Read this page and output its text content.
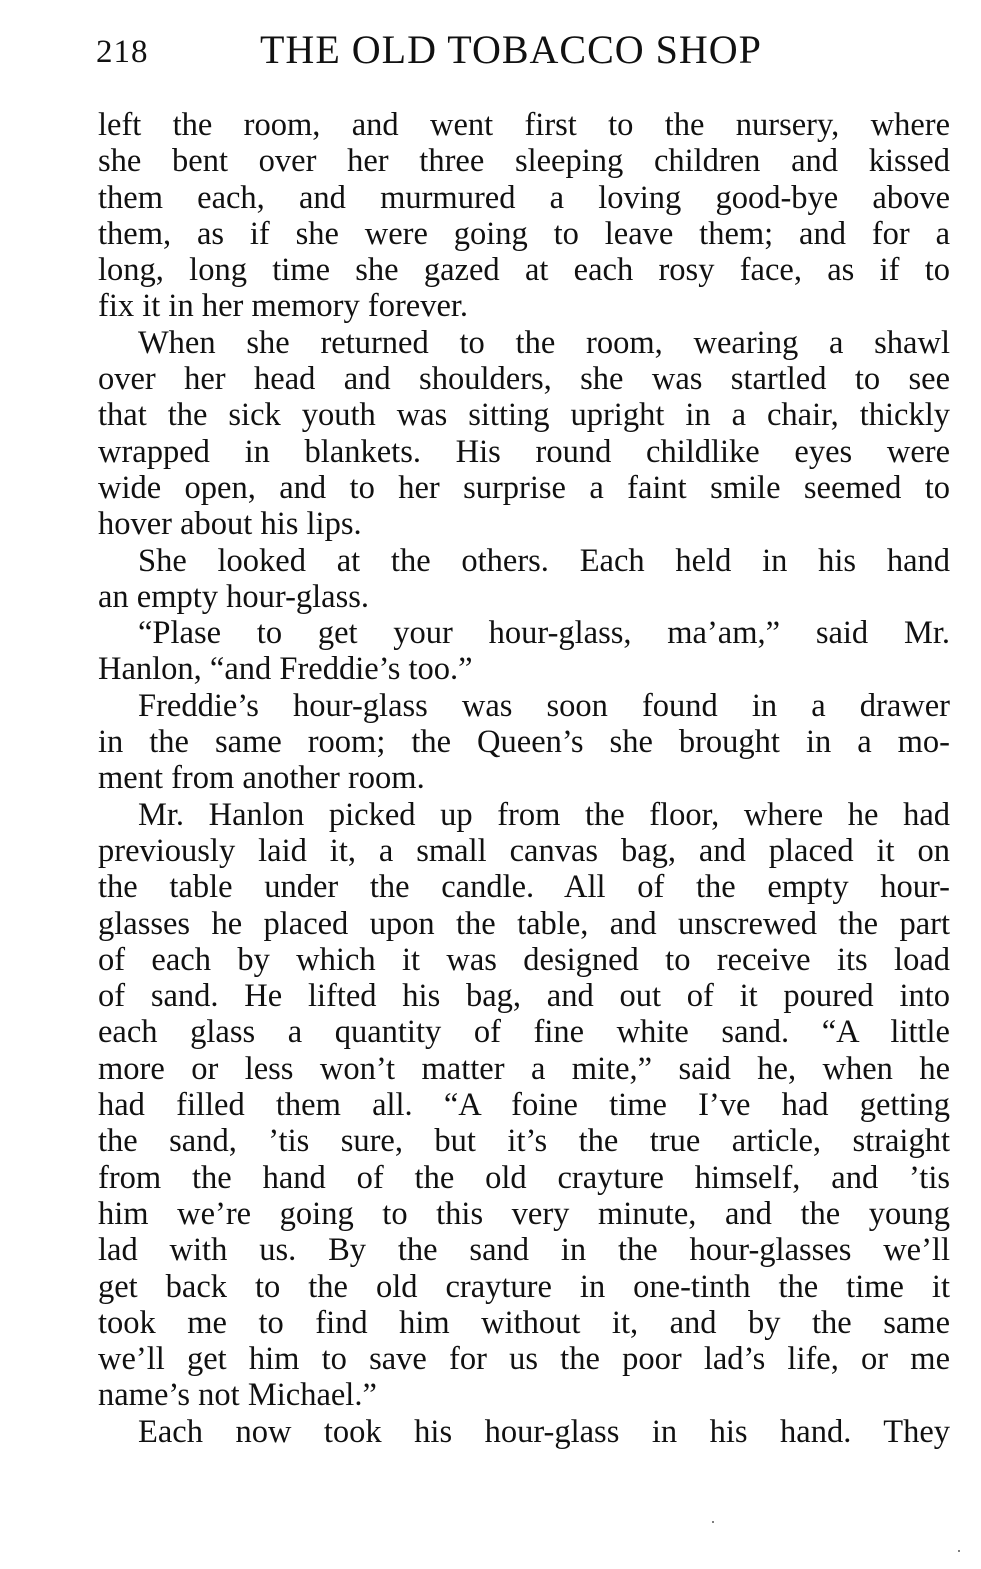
218	THE OLD TOBACCO SHOP
left the room, and went first to the nursery, where
she bent over her three sleeping children and kissed
them each, and murmured a loving good-bye above
them, as if she were going to leave them; and for a
long, long time she gazed at each rosy face, as if to
fix it in her memory forever.
When she returned to the room, wearing a shawl
over her head and shoulders, she was startled to see
that the sick youth was sitting upright in a chair, thickly
wrapped in blankets. His round childlike eyes were
wide open, and to her surprise a faint smile seemed to
hover about his lips.
She looked at the others. Each held in his hand
an empty hour-glass.
“Plase to get your hour-glass, ma’am,” said Mr.
Hanlon, “and Freddie’s too.”
Freddie’s hour-glass was soon found in a drawer
in the same room; the Queen’s she brought in a mo-
ment from another room.
Mr. Hanlon picked up from the floor, where he had
previously laid it, a small canvas bag, and placed it on
the table under the candle. All of the empty hour-
glasses he placed upon the table, and unscrewed the part
of each by which it was designed to receive its load
of sand. He lifted his bag, and out of it poured into
each glass a quantity of fine white sand. “A little
more or less won’t matter a mite,” said he, when he
had filled them all. “A foine time I’ve had getting
the sand, ’tis sure, but it’s the true article, straight
from the hand of the old crayture himself, and ’tis
him we’re going to this very minute, and the young
lad with us. By the sand in the hour-glasses we’ll
get back to the old crayture in one-tinth the time it
took me to find him without it, and by the same
we’ll get him to save for us the poor lad’s life, or me
name’s not Michael.”
Each now took his hour-glass in his hand. They
